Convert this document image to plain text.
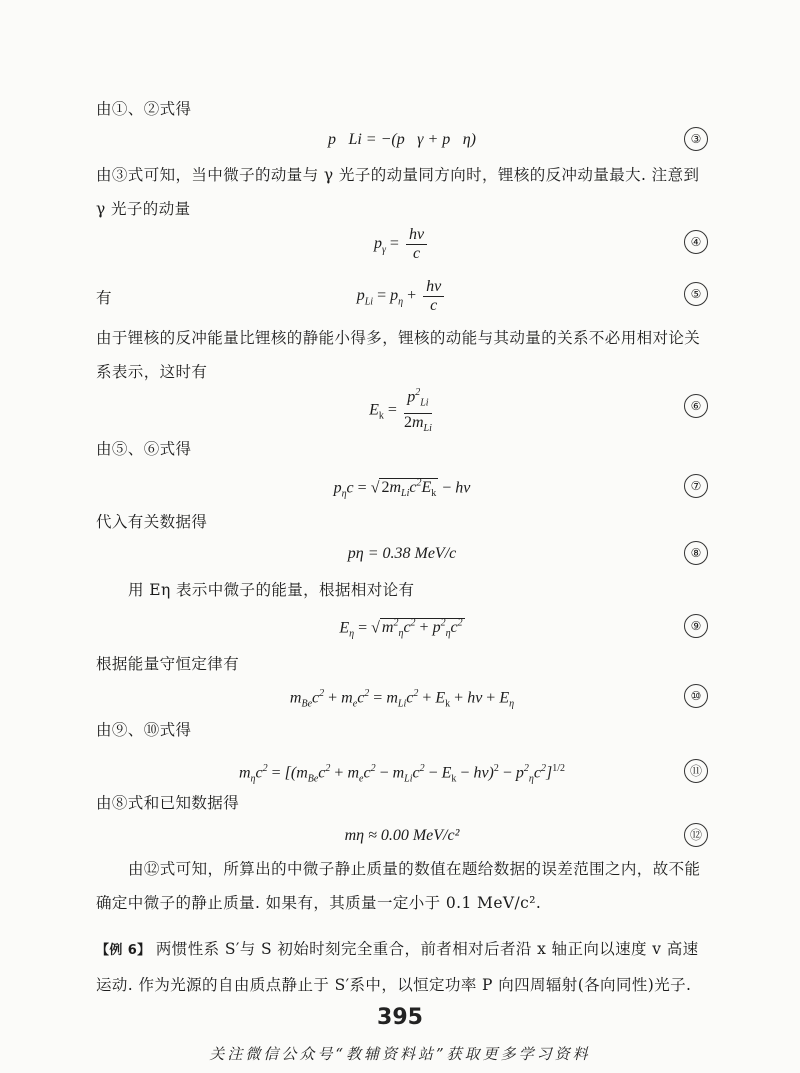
由①、②式得
p⃗Li = −(p⃗γ + p⃗η)	③
由③式可知，当中微子的动量与 γ 光子的动量同方向时，锂核的反冲动量最大. 注意到 γ 光子的动量
$p_\gamma = \frac{h\nu}{c}$	④
有	$p_{Li} = p_\eta + \frac{h\nu}{c}$	⑤
由于锂核的反冲能量比锂核的静能小得多，锂核的动能与其动量的关系不必用相对论关系表示，这时有
$E_k = \frac{p^2_{Li}}{2m_{Li}}$	⑥
由⑤、⑥式得
$p_\eta c$ = √ $2m_{Li}c^2E_k - h\nu$	⑦
代入有关数据得
pη = 0.38 MeV/c	⑧
用 Eη 表示中微子的能量，根据相对论有
$E_\eta$ = √ $m^2_\eta c^2 + p^2_\eta c^2$	⑨
根据能量守恒定律有
$m_{Be}c^2 + m_ec^2 = m_{Li}c^2 + E_k + h\nu + E_\eta$
⑩
由⑨、⑩式得
$m_\eta c^2 = [(m_{Be}c^2 + m_ec^2 - m_{Li}c^2 - E_k - h\nu)^2 - p^2_\eta c^2]^{1/2}$	⑪
由⑧式和已知数据得
mη ≈ 0.00 MeV/c²	⑫
由⑫式可知，所算出的中微子静止质量的数值在题给数据的误差范围之内，故不能确定中微子的静止质量. 如果有，其质量一定小于 0.1 MeV/c².
【例 6】 两惯性系 S′与 S 初始时刻完全重合，前者相对后者沿 x 轴正向以速度 v 高速运动. 作为光源的自由质点静止于 S′系中，以恒定功率 P 向四周辐射(各向同性)光子.
395
关注微信公众号“教辅资料站”获取更多学习资料
